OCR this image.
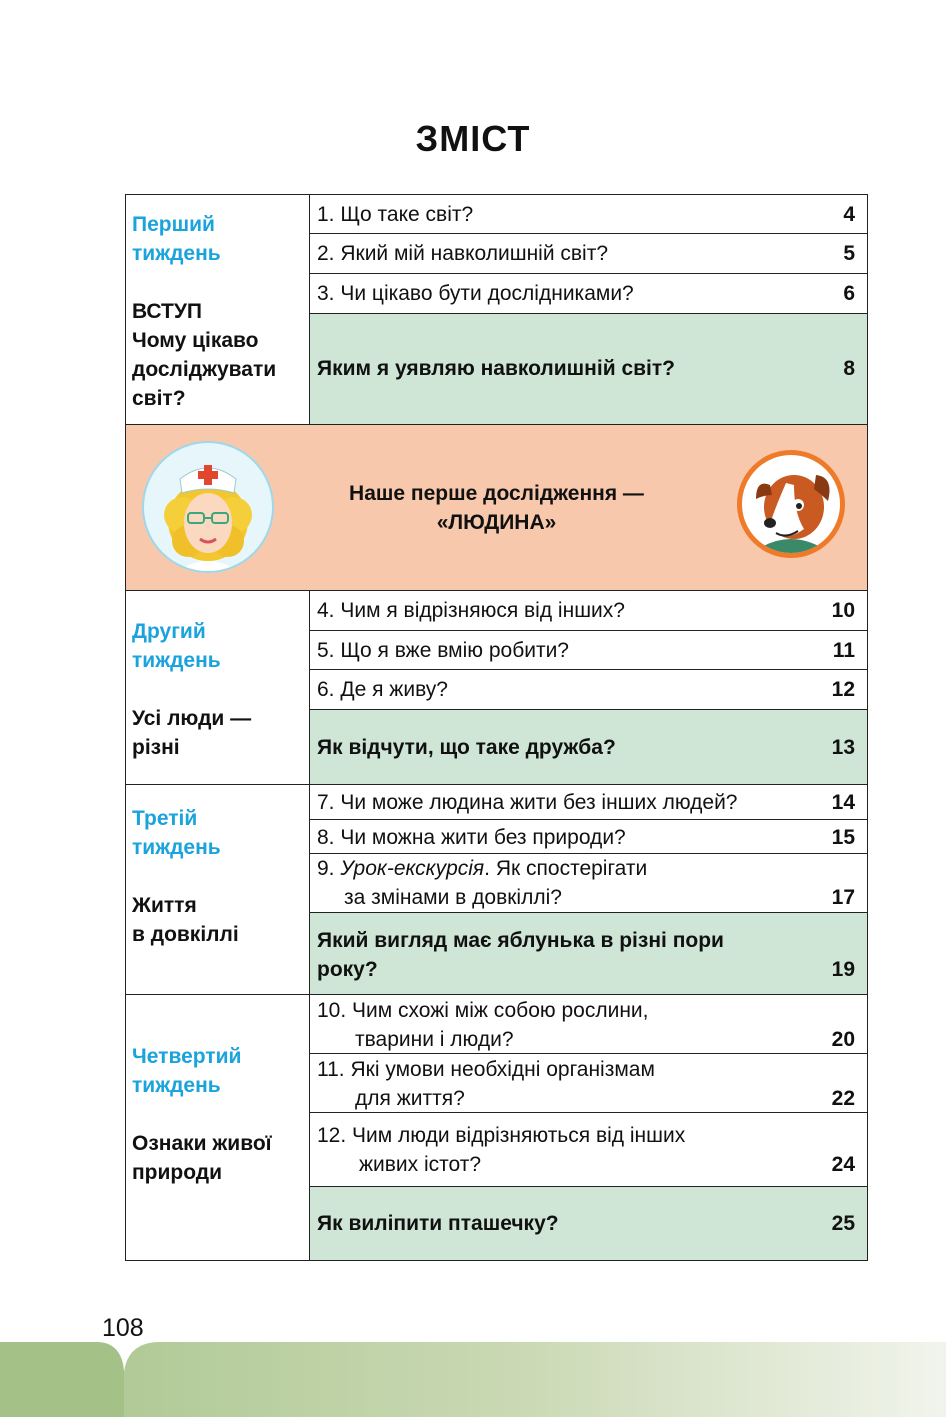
ЗМІСТ
Перший
тиждень
ВСТУП
Чому цікаво
досліджувати
світ?
1. Що таке світ?	4
2. Який мій навколишній світ?	5
3. Чи цікаво бути дослідниками?	6
Яким я уявляю навколишній світ?	8
Наше перше дослідження —
«ЛЮДИНА»
Другий
тиждень
Усі люди —
різні
4. Чим я відрізняюся від інших?	10
5. Що я вже вмію робити?	11
6. Де я живу?	12
Як відчути, що таке дружба?	13
Третій
тиждень
Життя
в довкіллі
7. Чи може людина жити без інших людей?	14
8. Чи можна жити без природи?	15
9. Урок-екскурсія. Як спостерігати
за змінами в довкіллі?	17
Який вигляд має яблунька в різні пори
року?	19
Четвертий
тиждень
Ознаки живої
природи
10. Чим схожі між собою рослини,
тварини і люди?	20
11. Які умови необхідні організмам
для життя?	22
12. Чим люди відрізняються від інших
живих істот?	24
Як виліпити пташечку?	25
108
